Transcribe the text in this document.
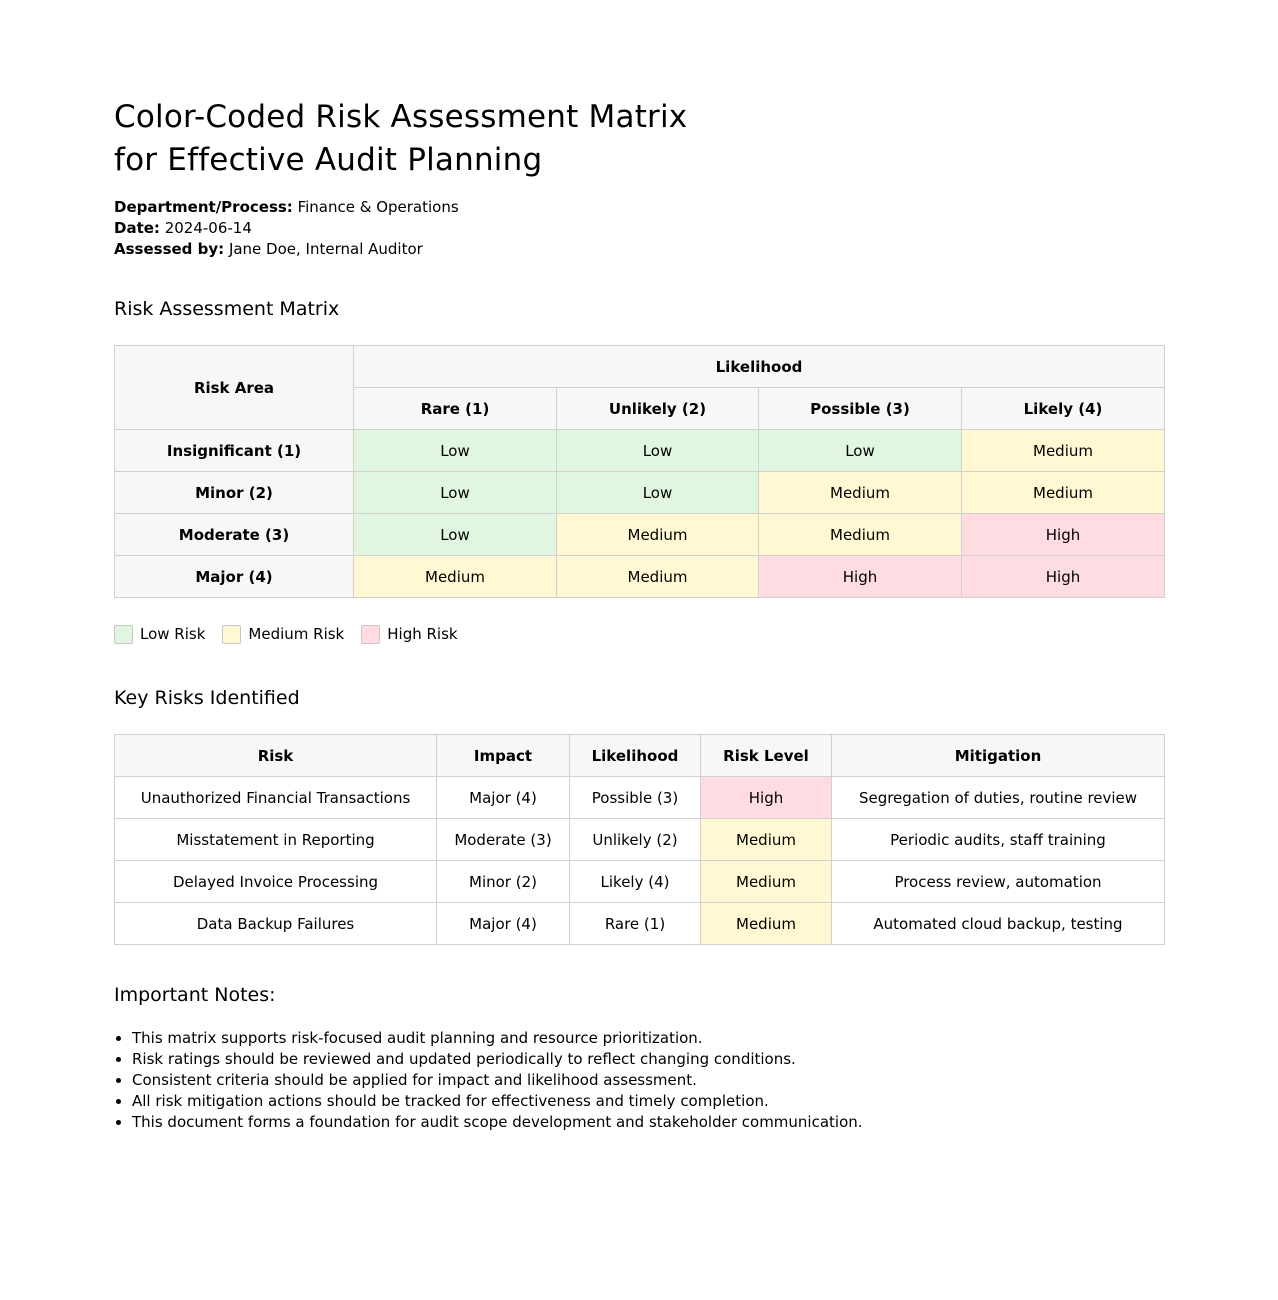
Color-Coded Risk Assessment Matrix
for Effective Audit Planning
Department/Process: Finance & Operations
Date: 2024-06-14
Assessed by: Jane Doe, Internal Auditor
Risk Assessment Matrix
Risk Area	Likelihood			
	Rare (1)	Unlikely (2)	Possible (3)	Likely (4)
Insignificant (1)	Low	Low	Low	Medium
Minor (2)	Low	Low	Medium	Medium
Moderate (3)	Low	Medium	Medium	High
Major (4)	Medium	Medium	High	High
Low Risk	Medium Risk	High Risk
Key Risks Identified
Risk	Impact	Likelihood	Risk Level	Mitigation
Unauthorized Financial Transactions	Major (4)	Possible (3)	High	Segregation of duties, routine review
Misstatement in Reporting	Moderate (3)	Unlikely (2)	Medium	Periodic audits, staff training
Delayed Invoice Processing	Minor (2)	Likely (4)	Medium	Process review, automation
Data Backup Failures	Major (4)	Rare (1)	Medium	Automated cloud backup, testing
Important Notes:
• This matrix supports risk-focused audit planning and resource prioritization.
• Risk ratings should be reviewed and updated periodically to reflect changing conditions.
• Consistent criteria should be applied for impact and likelihood assessment.
• All risk mitigation actions should be tracked for effectiveness and timely completion.
• This document forms a foundation for audit scope development and stakeholder communication.
